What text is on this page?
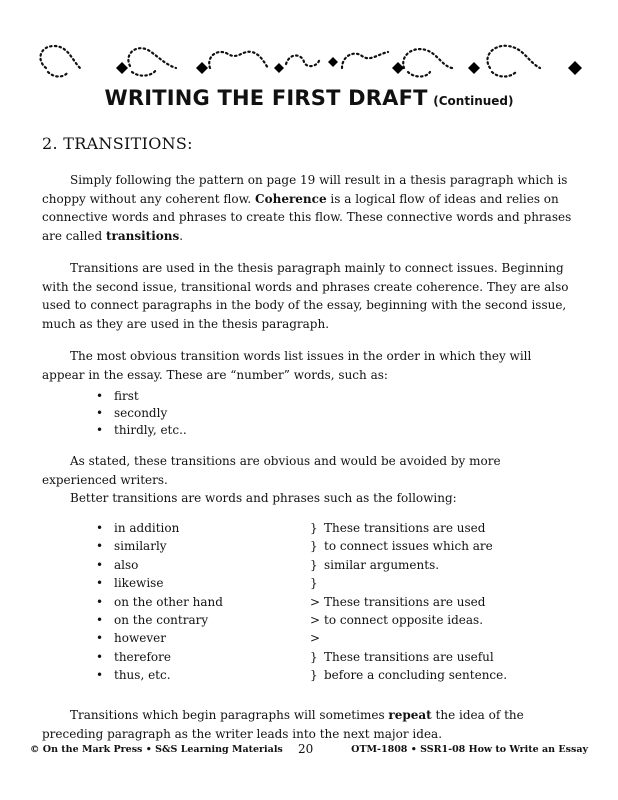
WRITING THE FIRST DRAFT (Continued)
2. TRANSITIONS:

Simply following the pattern on page 19 will result in a thesis paragraph which is choppy without any coherent flow. Coherence is a logical flow of ideas and relies on connective words and phrases to create this flow. These connective words and phrases are called transitions.

Transitions are used in the thesis paragraph mainly to connect issues. Beginning with the second issue, transitional words and phrases create coherence. They are also used to connect paragraphs in the body of the essay, beginning with the second issue, much as they are used in the thesis paragraph.

The most obvious transition words list issues in the order in which they will appear in the essay. These are “number” words, such as:

• first
• secondly
• thirdly, etc..

As stated, these transitions are obvious and would be avoided by more experienced writers.

Better transitions are words and phrases such as the following:

• in addition	} These transitions are used
• similarly	} to connect issues which are
• also	} similar arguments.
• likewise	}
• on the other hand	> These transitions are used
• on the contrary	> to connect opposite ideas.
• however	>
• therefore	} These transitions are useful
• thus, etc.	} before a concluding sentence.

Transitions which begin paragraphs will sometimes repeat the idea of the preceding paragraph as the writer leads into the next major idea.

© On the Mark Press • S&S Learning Materials 20	OTM-1808 • SSR1-08 How to Write an Essay
